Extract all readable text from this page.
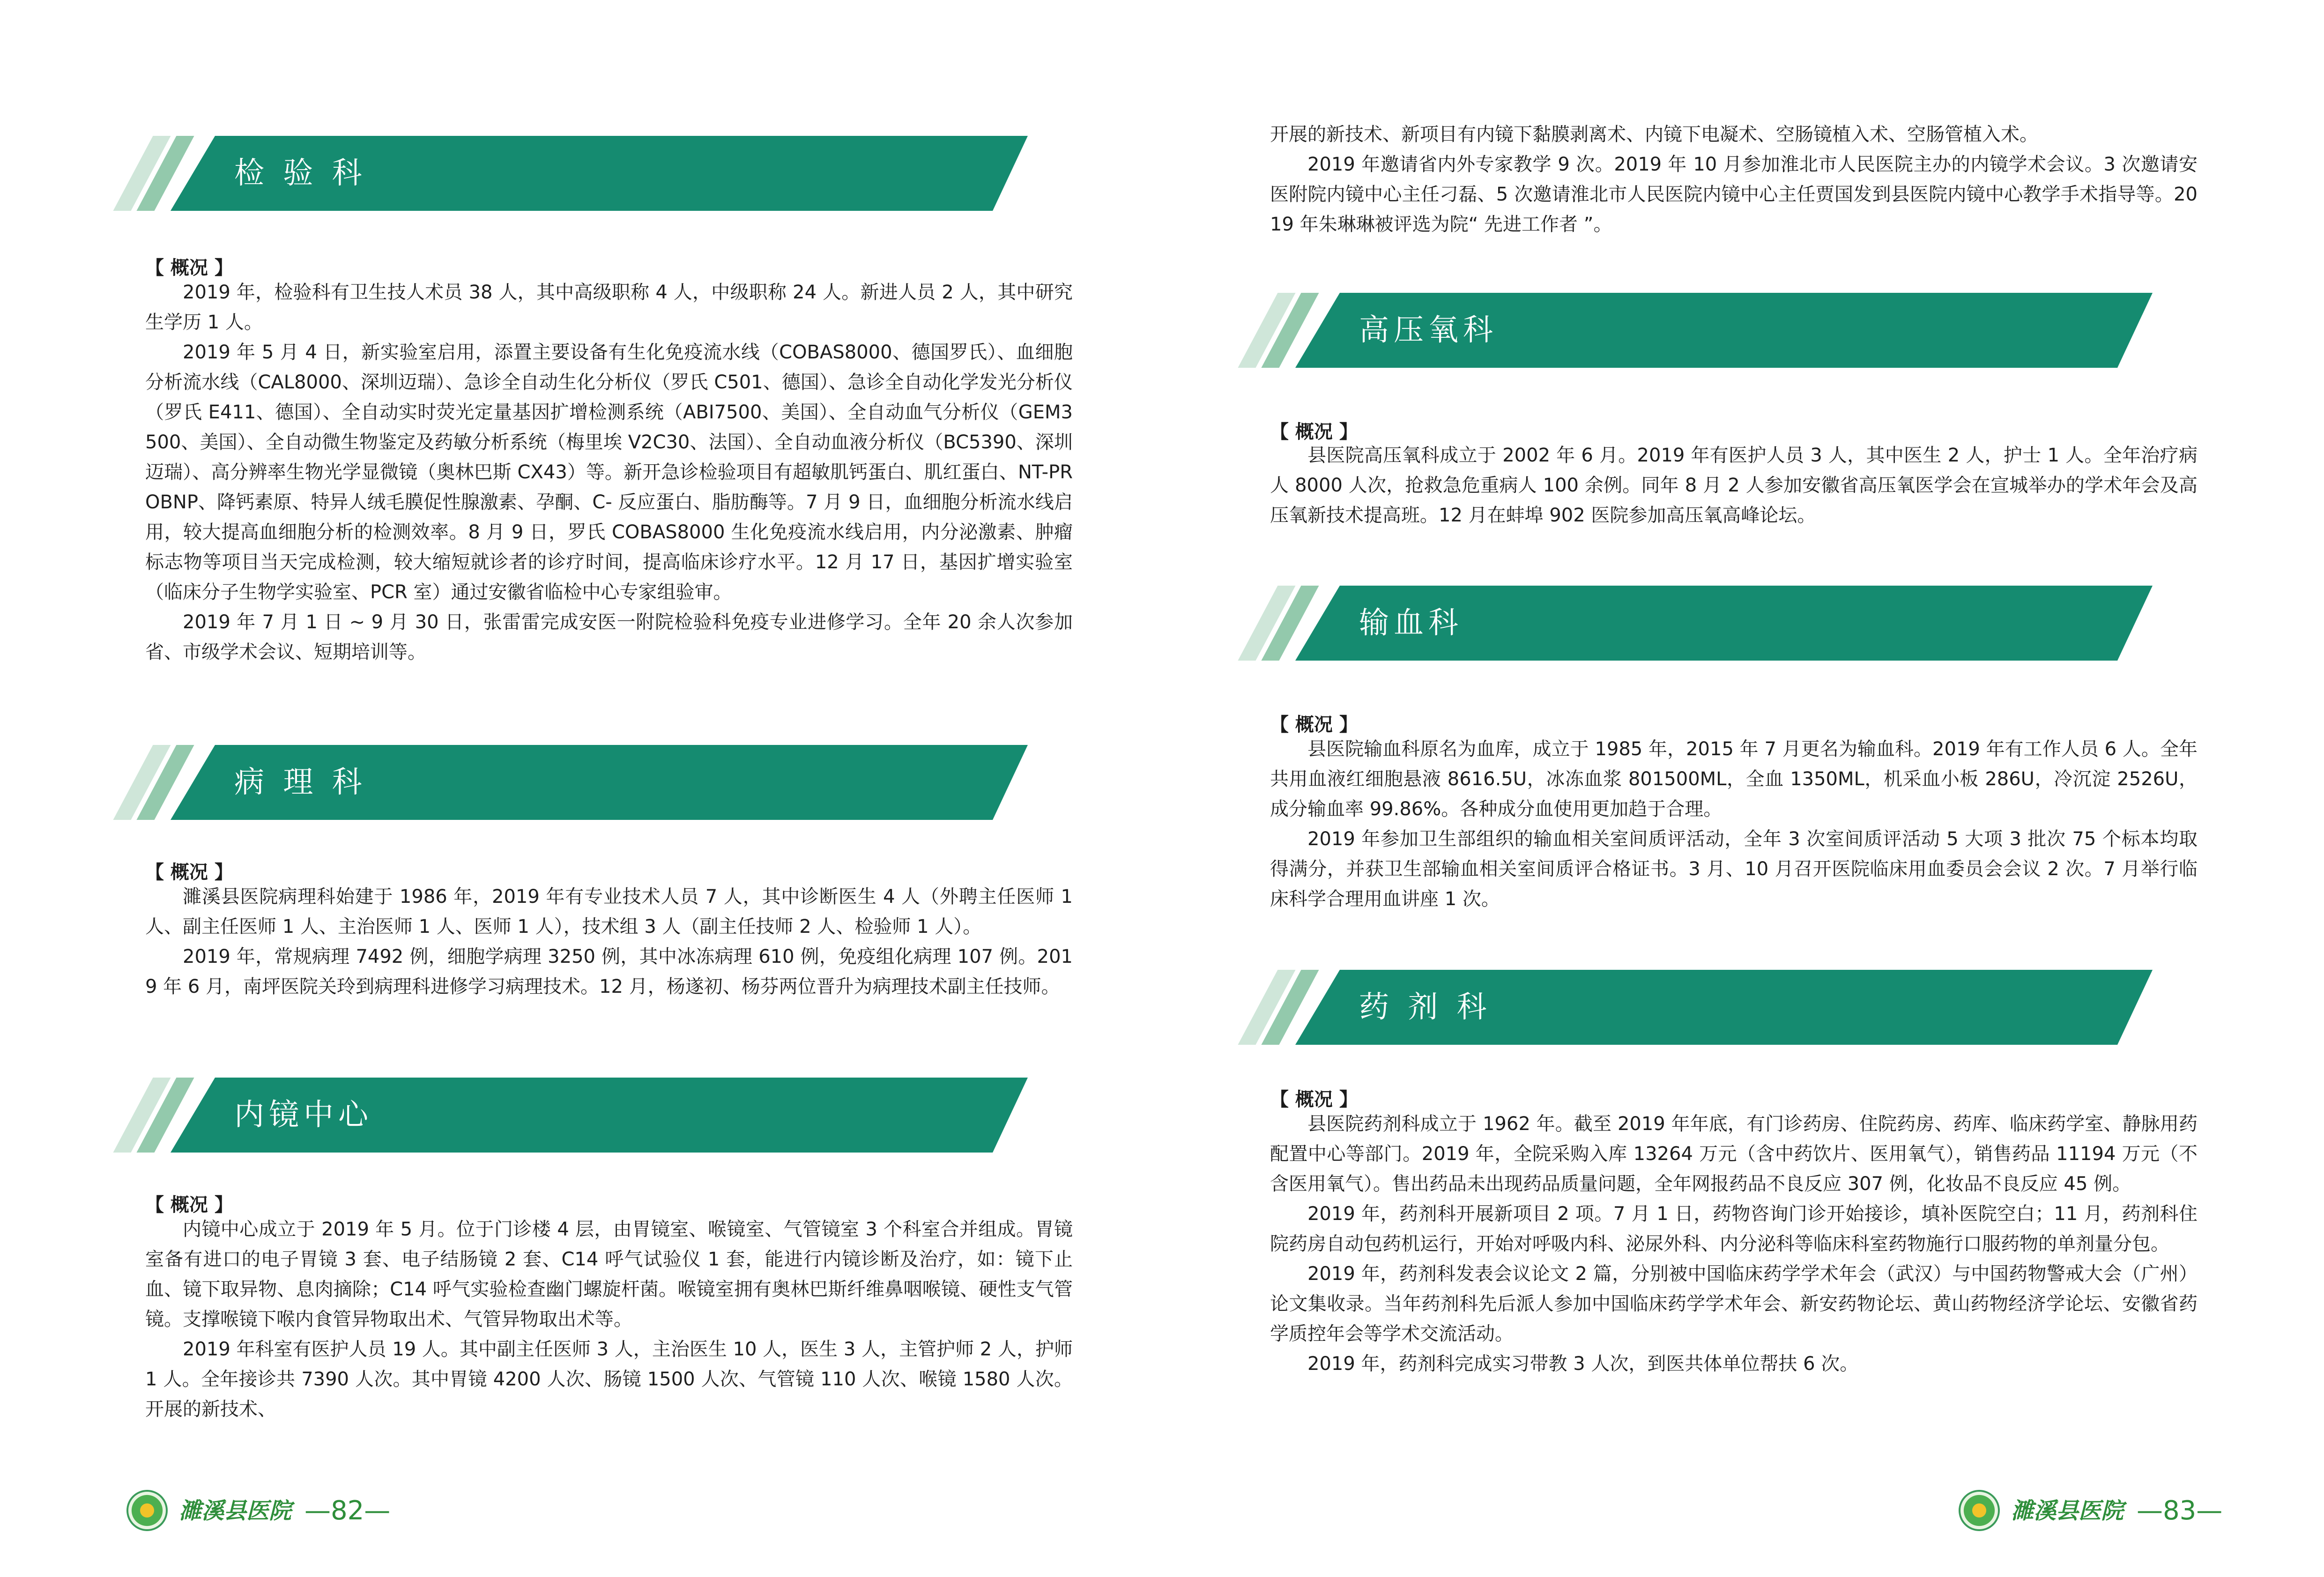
检 验 科
【 概况 】

2019 年，检验科有卫生技人术员 38 人，其中高级职称 4 人，中级职称 24 人。新进人员 2 人，其中研究生学历 1 人。

2019 年 5 月 4 日，新实验室启用，添置主要设备有生化免疫流水线（COBAS8000、德国罗氏）、血细胞分析流水线（CAL8000、深圳迈瑞）、急诊全自动生化分析仪（罗氏 C501、德国）、急诊全自动化学发光分析仪（罗氏 E411、德国）、全自动实时荧光定量基因扩增检测系统（ABI7500、美国）、全自动血气分析仪（GEM3500、美国）、全自动微生物鉴定及药敏分析系统（梅里埃 V2C30、法国）、全自动血液分析仪（BC5390、深圳迈瑞）、高分辨率生物光学显微镜（奥林巴斯 CX43）等。新开急诊检验项目有超敏肌钙蛋白、肌红蛋白、NT-PROBNP、降钙素原、特异人绒毛膜促性腺激素、孕酮、C- 反应蛋白、脂肪酶等。7 月 9 日，血细胞分析流水线启用，较大提高血细胞分析的检测效率。8 月 9 日，罗氏 COBAS8000 生化免疫流水线启用，内分泌激素、肿瘤标志物等项目当天完成检测，较大缩短就诊者的诊疗时间，提高临床诊疗水平。12 月 17 日，基因扩增实验室（临床分子生物学实验室、PCR 室）通过安徽省临检中心专家组验审。

2019 年 7 月 1 日 ~ 9 月 30 日，张雷雷完成安医一附院检验科免疫专业进修学习。全年 20 余人次参加省、市级学术会议、短期培训等。

病 理 科
【 概况 】

濉溪县医院病理科始建于 1986 年，2019 年有专业技术人员 7 人，其中诊断医生 4 人（外聘主任医师 1 人、副主任医师 1 人、主治医师 1 人、医师 1 人），技术组 3 人（副主任技师 2 人、检验师 1 人）。

2019 年，常规病理 7492 例，细胞学病理 3250 例，其中冰冻病理 610 例，免疫组化病理 107 例。2019 年 6 月，南坪医院关玲到病理科进修学习病理技术。12 月，杨遂初、杨芬两位晋升为病理技术副主任技师。

内镜中心
【 概况 】

内镜中心成立于 2019 年 5 月。位于门诊楼 4 层，由胃镜室、喉镜室、气管镜室 3 个科室合并组成。胃镜室备有进口的电子胃镜 3 套、电子结肠镜 2 套、C14 呼气试验仪 1 套，能进行内镜诊断及治疗，如：镜下止血、镜下取异物、息肉摘除；C14 呼气实验检查幽门螺旋杆菌。喉镜室拥有奥林巴斯纤维鼻咽喉镜、硬性支气管镜。支撑喉镜下喉内食管异物取出术、气管异物取出术等。

2019 年科室有医护人员 19 人。其中副主任医师 3 人，主治医生 10 人，医生 3 人，主管护师 2 人，护师 1 人。全年接诊共 7390 人次。其中胃镜 4200 人次、肠镜 1500 人次、气管镜 110 人次、喉镜 1580 人次。开展的新技术、

濉溪县医院 —82—

开展的新技术、新项目有内镜下黏膜剥离术、内镜下电凝术、空肠镜植入术、空肠管植入术。

2019 年邀请省内外专家教学 9 次。2019 年 10 月参加淮北市人民医院主办的内镜学术会议。3 次邀请安医附院内镜中心主任刁磊、5 次邀请淮北市人民医院内镜中心主任贾国发到县医院内镜中心教学手术指导等。2019 年朱琳琳被评选为院“ 先进工作者 ”。

高压氧科
【 概况 】

县医院高压氧科成立于 2002 年 6 月。2019 年有医护人员 3 人，其中医生 2 人，护士 1 人。全年治疗病人 8000 人次，抢救急危重病人 100 余例。同年 8 月 2 人参加安徽省高压氧医学会在宣城举办的学术年会及高压氧新技术提高班。12 月在蚌埠 902 医院参加高压氧高峰论坛。

输血科
【 概况 】

县医院输血科原名为血库，成立于 1985 年，2015 年 7 月更名为输血科。2019 年有工作人员 6 人。全年共用血液红细胞悬液 8616.5U，冰冻血浆 801500ML，全血 1350ML，机采血小板 286U，冷沉淀 2526U，成分输血率 99.86%。各种成分血使用更加趋于合理。

2019 年参加卫生部组织的输血相关室间质评活动，全年 3 次室间质评活动 5 大项 3 批次 75 个标本均取得满分，并获卫生部输血相关室间质评合格证书。3 月、10 月召开医院临床用血委员会会议 2 次。7 月举行临床科学合理用血讲座 1 次。

药 剂 科
【 概况 】

县医院药剂科成立于 1962 年。截至 2019 年年底，有门诊药房、住院药房、药库、临床药学室、静脉用药配置中心等部门。2019 年，全院采购入库 13264 万元（含中药饮片、医用氧气），销售药品 11194 万元（不含医用氧气）。售出药品未出现药品质量问题，全年网报药品不良反应 307 例，化妆品不良反应 45 例。

2019 年，药剂科开展新项目 2 项。7 月 1 日，药物咨询门诊开始接诊，填补医院空白；11 月，药剂科住院药房自动包药机运行，开始对呼吸内科、泌尿外科、内分泌科等临床科室药物施行口服药物的单剂量分包。

2019 年，药剂科发表会议论文 2 篇，分别被中国临床药学学术年会（武汉）与中国药物警戒大会（广州）论文集收录。当年药剂科先后派人参加中国临床药学学术年会、新安药物论坛、黄山药物经济学论坛、安徽省药学质控年会等学术交流活动。

2019 年，药剂科完成实习带教 3 人次，到医共体单位帮扶 6 次。

濉溪县医院 —83—
